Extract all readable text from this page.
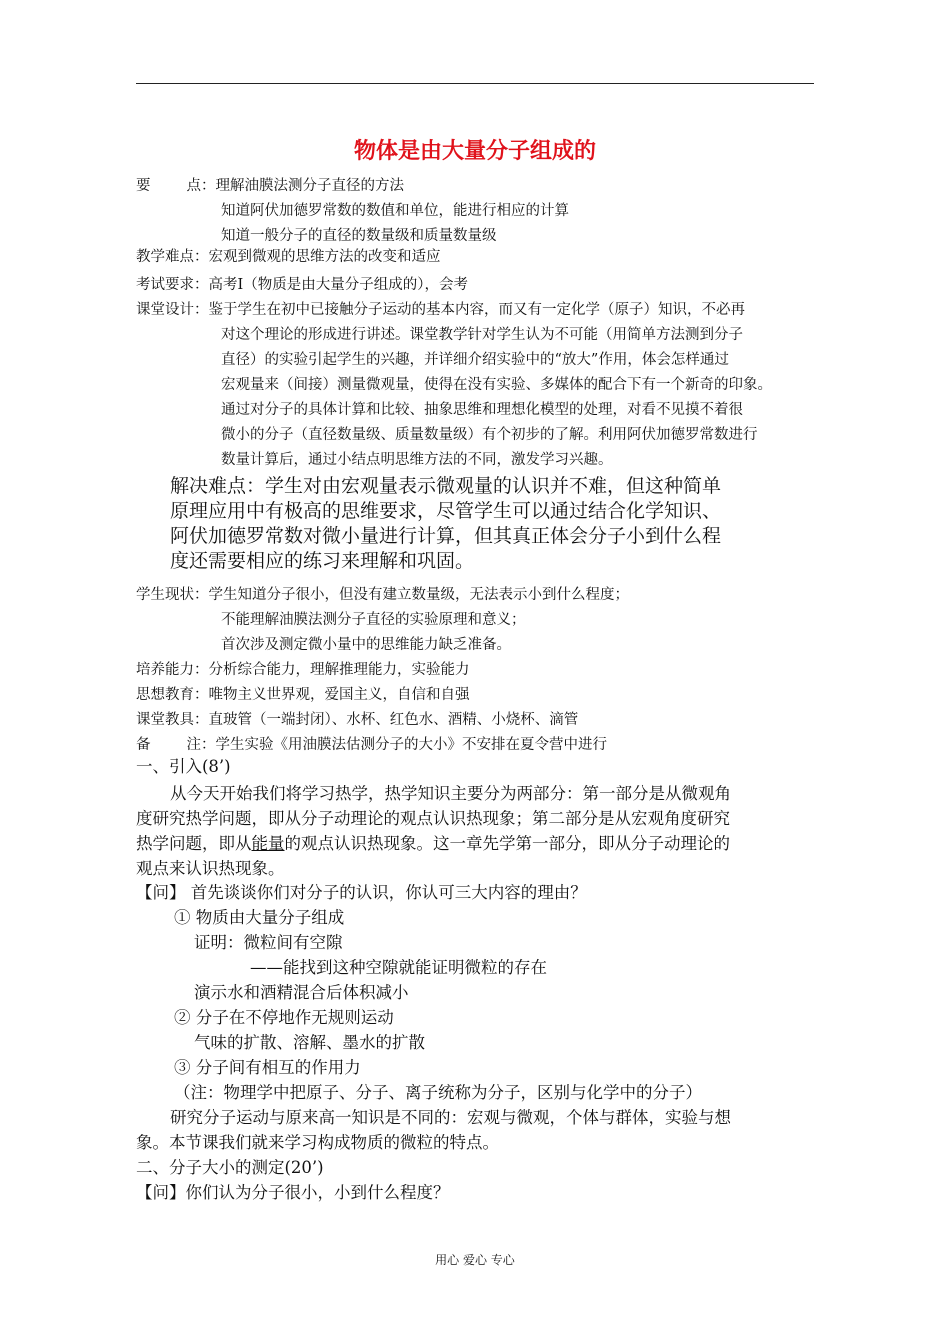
物体是由大量分子组成的
要 点：理解油膜法测分子直径的方法
知道阿伏加德罗常数的数值和单位，能进行相应的计算
知道一般分子的直径的数量级和质量数量级
教学难点：宏观到微观的思维方法的改变和适应
考试要求：高考Ⅰ（物质是由大量分子组成的），会考
课堂设计：鉴于学生在初中已接触分子运动的基本内容，而又有一定化学（原子）知识，不必再
对这个理论的形成进行讲述。课堂教学针对学生认为不可能（用简单方法测到分子
直径）的实验引起学生的兴趣，并详细介绍实验中的“放大”作用，体会怎样通过
宏观量来（间接）测量微观量，使得在没有实验、多媒体的配合下有一个新奇的印象。
通过对分子的具体计算和比较、抽象思维和理想化模型的处理，对看不见摸不着很
微小的分子（直径数量级、质量数量级）有个初步的了解。利用阿伏加德罗常数进行
数量计算后，通过小结点明思维方法的不同，激发学习兴趣。
解决难点：学生对由宏观量表示微观量的认识并不难，但这种简单
原理应用中有极高的思维要求，尽管学生可以通过结合化学知识、
阿伏加德罗常数对微小量进行计算，但其真正体会分子小到什么程
度还需要相应的练习来理解和巩固。
学生现状：学生知道分子很小，但没有建立数量级，无法表示小到什么程度；
不能理解油膜法测分子直径的实验原理和意义；
首次涉及测定微小量中的思维能力缺乏准备。
培养能力：分析综合能力，理解推理能力，实验能力
思想教育：唯物主义世界观，爱国主义，自信和自强
课堂教具：直玻管（一端封闭）、水杯、红色水、酒精、小烧杯、滴管
备 注：学生实验《用油膜法估测分子的大小》不安排在夏令营中进行
一、引入(8’)
从今天开始我们将学习热学，热学知识主要分为两部分：第一部分是从微观角
度研究热学问题，即从分子动理论的观点认识热现象；第二部分是从宏观角度研究
热学问题，即从能量的观点认识热现象。这一章先学第一部分，即从分子动理论的
观点来认识热现象。
【问】 首先谈谈你们对分子的认识，你认可三大内容的理由？
① 物质由大量分子组成
证明：微粒间有空隙
——能找到这种空隙就能证明微粒的存在
演示水和酒精混合后体积减小
② 分子在不停地作无规则运动
气味的扩散、溶解、墨水的扩散
③ 分子间有相互的作用力
（注：物理学中把原子、分子、离子统称为分子，区别与化学中的分子）
研究分子运动与原来高一知识是不同的：宏观与微观，个体与群体，实验与想
象。本节课我们就来学习构成物质的微粒的特点。
二、分子大小的测定(20’)
【问】你们认为分子很小，小到什么程度？
用心 爱心 专心
